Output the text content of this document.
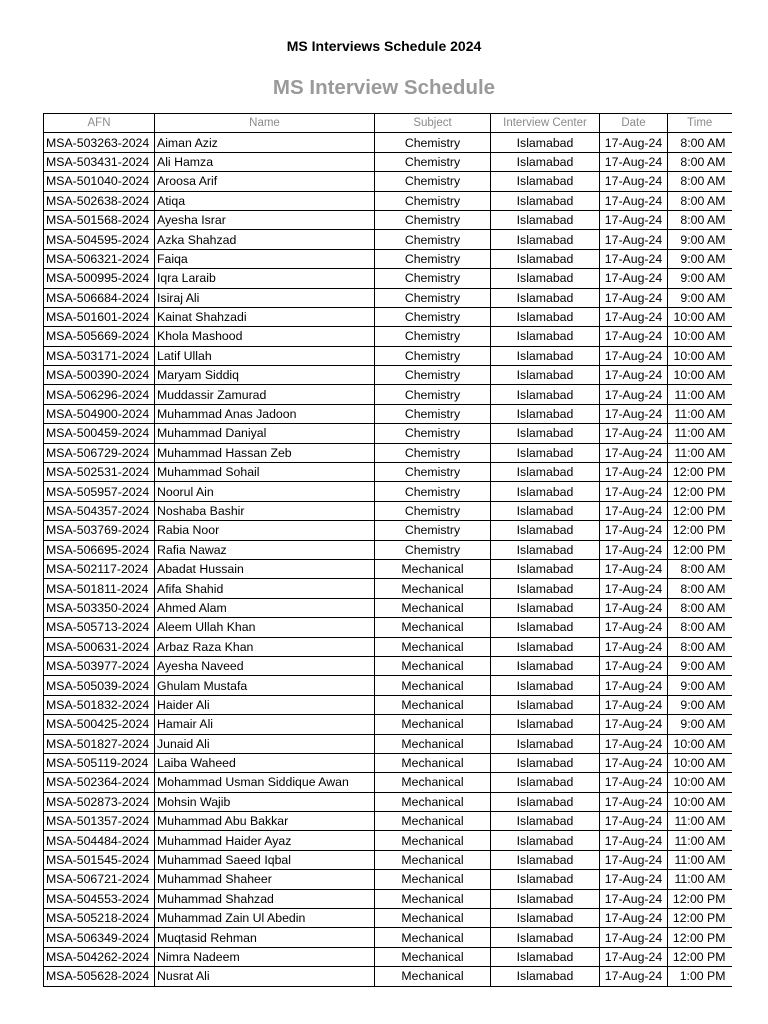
MS Interviews Schedule 2024
MS Interview Schedule
AFN	Name	Subject	Interview Center	Date	Time
MSA-503263-2024	Aiman Aziz	Chemistry	Islamabad	17-Aug-24	8:00 AM
MSA-503431-2024	Ali Hamza	Chemistry	Islamabad	17-Aug-24	8:00 AM
MSA-501040-2024	Aroosa Arif	Chemistry	Islamabad	17-Aug-24	8:00 AM
MSA-502638-2024	Atiqa	Chemistry	Islamabad	17-Aug-24	8:00 AM
MSA-501568-2024	Ayesha Israr	Chemistry	Islamabad	17-Aug-24	8:00 AM
MSA-504595-2024	Azka Shahzad	Chemistry	Islamabad	17-Aug-24	9:00 AM
MSA-506321-2024	Faiqa	Chemistry	Islamabad	17-Aug-24	9:00 AM
MSA-500995-2024	Iqra Laraib	Chemistry	Islamabad	17-Aug-24	9:00 AM
MSA-506684-2024	Isiraj Ali	Chemistry	Islamabad	17-Aug-24	9:00 AM
MSA-501601-2024	Kainat Shahzadi	Chemistry	Islamabad	17-Aug-24	10:00 AM
MSA-505669-2024	Khola Mashood	Chemistry	Islamabad	17-Aug-24	10:00 AM
MSA-503171-2024	Latif Ullah	Chemistry	Islamabad	17-Aug-24	10:00 AM
MSA-500390-2024	Maryam Siddiq	Chemistry	Islamabad	17-Aug-24	10:00 AM
MSA-506296-2024	Muddassir Zamurad	Chemistry	Islamabad	17-Aug-24	11:00 AM
MSA-504900-2024	Muhammad Anas Jadoon	Chemistry	Islamabad	17-Aug-24	11:00 AM
MSA-500459-2024	Muhammad Daniyal	Chemistry	Islamabad	17-Aug-24	11:00 AM
MSA-506729-2024	Muhammad Hassan Zeb	Chemistry	Islamabad	17-Aug-24	11:00 AM
MSA-502531-2024	Muhammad Sohail	Chemistry	Islamabad	17-Aug-24	12:00 PM
MSA-505957-2024	Noorul Ain	Chemistry	Islamabad	17-Aug-24	12:00 PM
MSA-504357-2024	Noshaba Bashir	Chemistry	Islamabad	17-Aug-24	12:00 PM
MSA-503769-2024	Rabia Noor	Chemistry	Islamabad	17-Aug-24	12:00 PM
MSA-506695-2024	Rafia Nawaz	Chemistry	Islamabad	17-Aug-24	12:00 PM
MSA-502117-2024	Abadat Hussain	Mechanical	Islamabad	17-Aug-24	8:00 AM
MSA-501811-2024	Afifa Shahid	Mechanical	Islamabad	17-Aug-24	8:00 AM
MSA-503350-2024	Ahmed Alam	Mechanical	Islamabad	17-Aug-24	8:00 AM
MSA-505713-2024	Aleem Ullah Khan	Mechanical	Islamabad	17-Aug-24	8:00 AM
MSA-500631-2024	Arbaz Raza Khan	Mechanical	Islamabad	17-Aug-24	8:00 AM
MSA-503977-2024	Ayesha Naveed	Mechanical	Islamabad	17-Aug-24	9:00 AM
MSA-505039-2024	Ghulam Mustafa	Mechanical	Islamabad	17-Aug-24	9:00 AM
MSA-501832-2024	Haider Ali	Mechanical	Islamabad	17-Aug-24	9:00 AM
MSA-500425-2024	Hamair Ali	Mechanical	Islamabad	17-Aug-24	9:00 AM
MSA-501827-2024	Junaid Ali	Mechanical	Islamabad	17-Aug-24	10:00 AM
MSA-505119-2024	Laiba Waheed	Mechanical	Islamabad	17-Aug-24	10:00 AM
MSA-502364-2024	Mohammad Usman Siddique Awan	Mechanical	Islamabad	17-Aug-24	10:00 AM
MSA-502873-2024	Mohsin Wajib	Mechanical	Islamabad	17-Aug-24	10:00 AM
MSA-501357-2024	Muhammad Abu Bakkar	Mechanical	Islamabad	17-Aug-24	11:00 AM
MSA-504484-2024	Muhammad Haider Ayaz	Mechanical	Islamabad	17-Aug-24	11:00 AM
MSA-501545-2024	Muhammad Saeed Iqbal	Mechanical	Islamabad	17-Aug-24	11:00 AM
MSA-506721-2024	Muhammad Shaheer	Mechanical	Islamabad	17-Aug-24	11:00 AM
MSA-504553-2024	Muhammad Shahzad	Mechanical	Islamabad	17-Aug-24	12:00 PM
MSA-505218-2024	Muhammad Zain Ul Abedin	Mechanical	Islamabad	17-Aug-24	12:00 PM
MSA-506349-2024	Muqtasid Rehman	Mechanical	Islamabad	17-Aug-24	12:00 PM
MSA-504262-2024	Nimra Nadeem	Mechanical	Islamabad	17-Aug-24	12:00 PM
MSA-505628-2024	Nusrat Ali	Mechanical	Islamabad	17-Aug-24	1:00 PM
